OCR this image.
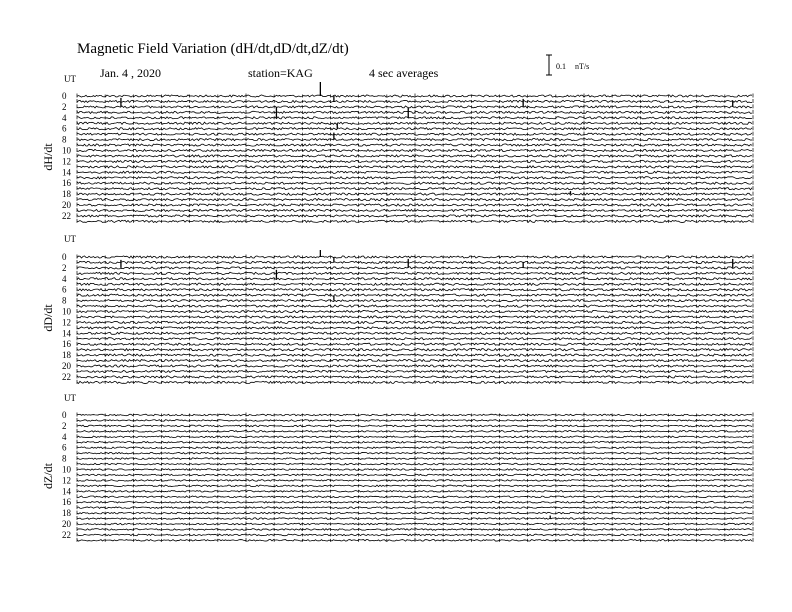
Magnetic Field Variation (dH/dt,dD/dt,dZ/dt)
Jan. 4 , 2020	station=KAG	4 sec averages	0.1 nT/s
UT
dH/dt
0
2
4
6
8
10
12
14
16
18
20
22
UT
dD/dt
0
2
4
6
8
10
12
14
16
18
20
22
UT
dZ/dt
0
2
4
6
8
10
12
14
16
18
20
22
